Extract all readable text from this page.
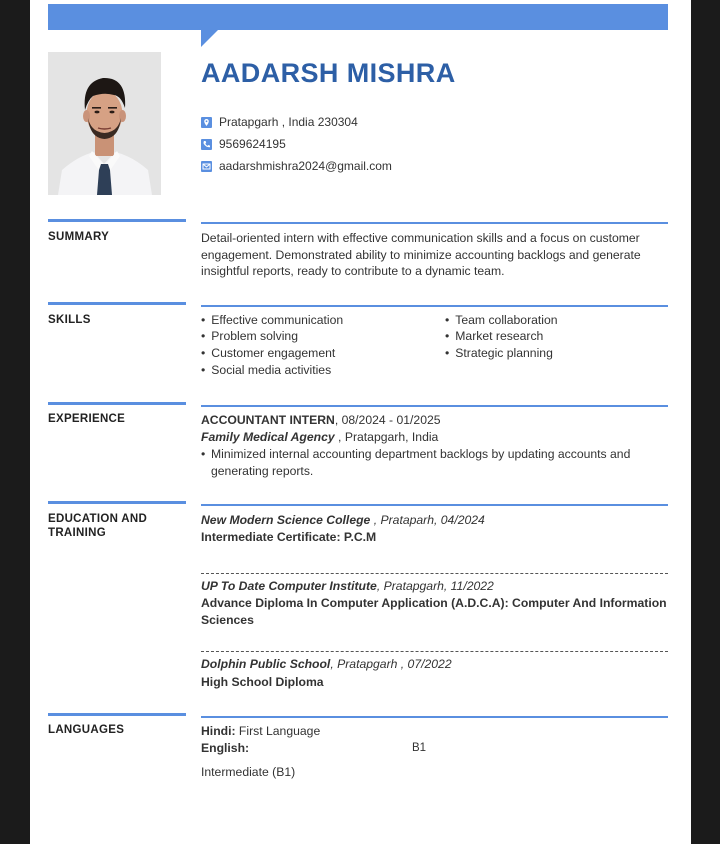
AADARSH MISHRA
Pratapgarh , India 230304
9569624195
aadarshmishra2024@gmail.com
SUMMARY	Detail-oriented intern with effective communication skills and a focus on customer engagement. Demonstrated ability to minimize accounting backlogs and generate insightful reports, ready to contribute to a dynamic team.
SKILLS
•	Effective communication
• Problem solving
• Customer engagement
• Social media activities
• Team collaboration
• Market research
• Strategic planning
EXPERIENCE	ACCOUNTANT INTERN, 08/2024 - 01/2025
Family Medical Agency , Pratapgarh, India
• Minimized internal accounting department backlogs by updating accounts and generating reports.
EDUCATION AND
TRAINING
New Modern Science College , Prataparh, 04/2024
Intermediate Certificate: P.C.M
UP To Date Computer Institute, Pratapgarh, 11/2022
Advance Diploma In Computer Application (A.D.C.A): Computer And Information Sciences
Dolphin Public School, Pratapgarh , 07/2022
High School Diploma
LANGUAGES	Hindi: First Language
English:	B1
Intermediate (B1)
